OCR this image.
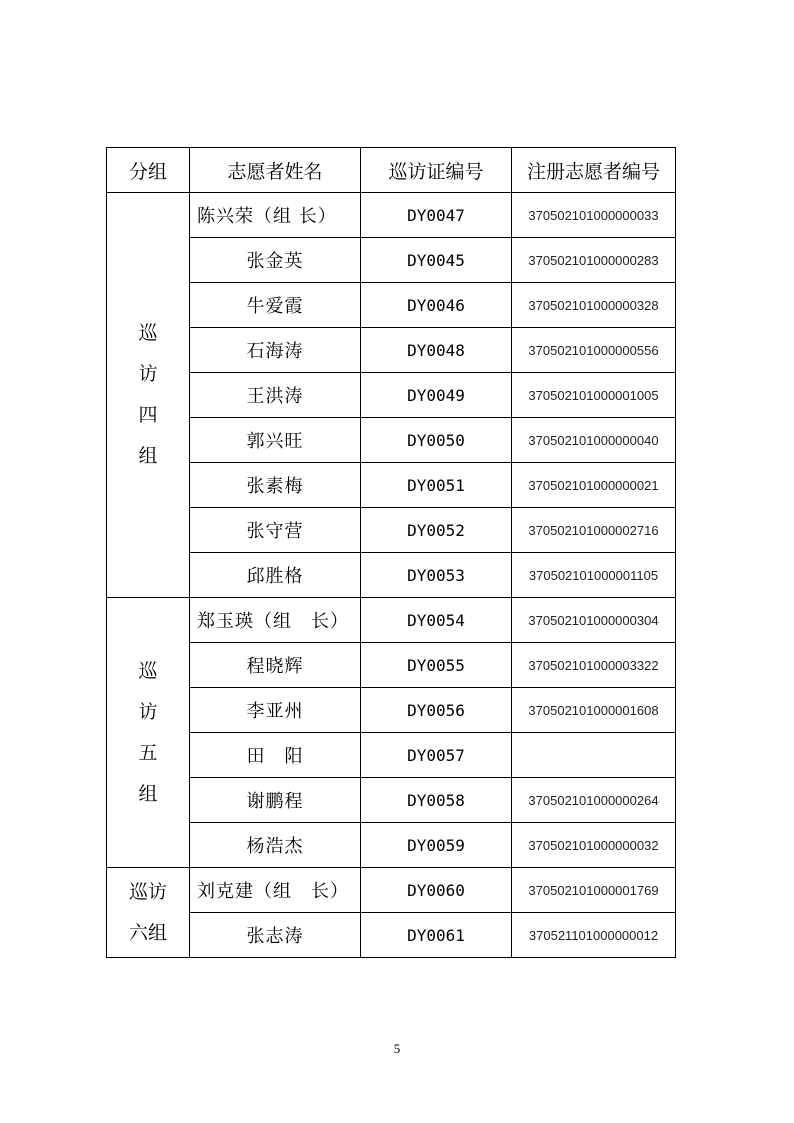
分组	志愿者姓名	巡访证编号	注册志愿者编号

巡
访
四
组	陈兴荣（组 长）	DY0047	370502101000000033
	张金英	DY0045	370502101000000283
	牛爱霞	DY0046	370502101000000328
	石海涛	DY0048	370502101000000556
	王洪涛	DY0049	370502101000001005
	郭兴旺	DY0050	370502101000000040
	张素梅	DY0051	370502101000000021
	张守营	DY0052	370502101000002716
	邱胜格	DY0053	370502101000001105

巡
访
五
组	郑玉瑛（组　长）	DY0054	370502101000000304
	程晓辉	DY0055	370502101000003322
	李亚州	DY0056	370502101000001608
	田　阳	DY0057	
	谢鹏程	DY0058	370502101000000264
	杨浩杰	DY0059	370502101000000032

巡访
六组	刘克建（组　长）	DY0060	370502101000001769
	张志涛	DY0061	370521101000000012
5
